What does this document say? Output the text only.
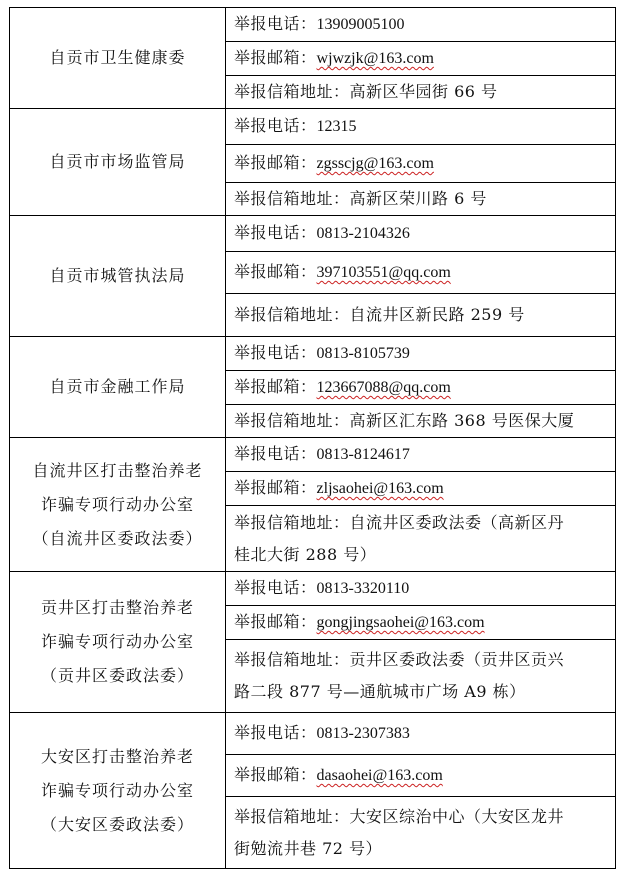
自贡市卫生健康委	举报电话：13909005100
	举报邮箱：wjwzjk@163.com
	举报信箱地址：高新区华园街 66 号

自贡市市场监管局	举报电话：12315
	举报邮箱：zgsscjg@163.com
	举报信箱地址：高新区荣川路 6 号

自贡市城管执法局	举报电话：0813-2104326
	举报邮箱：397103551@qq.com
	举报信箱地址：自流井区新民路 259 号

自贡市金融工作局	举报电话：0813-8105739
	举报邮箱：123667088@qq.com
	举报信箱地址：高新区汇东路 368 号医保大厦

自流井区打击整治养老
诈骗专项行动办公室
（自流井区委政法委）	举报电话：0813-8124617
	举报邮箱：zljsaohei@163.com

	举报信箱地址：自流井区委政法委（高新区丹
桂北大街 288 号）

贡井区打击整治养老
诈骗专项行动办公室
（贡井区委政法委）	举报电话：0813-3320110
	举报邮箱：gongjingsaohei@163.com

	举报信箱地址：贡井区委政法委（贡井区贡兴
路二段 877 号—通航城市广场 A9 栋）

大安区打击整治养老
诈骗专项行动办公室
（大安区委政法委）	举报电话：0813-2307383
	举报邮箱：dasaohei@163.com

	举报信箱地址：大安区综治中心（大安区龙井
街勉流井巷 72 号）
